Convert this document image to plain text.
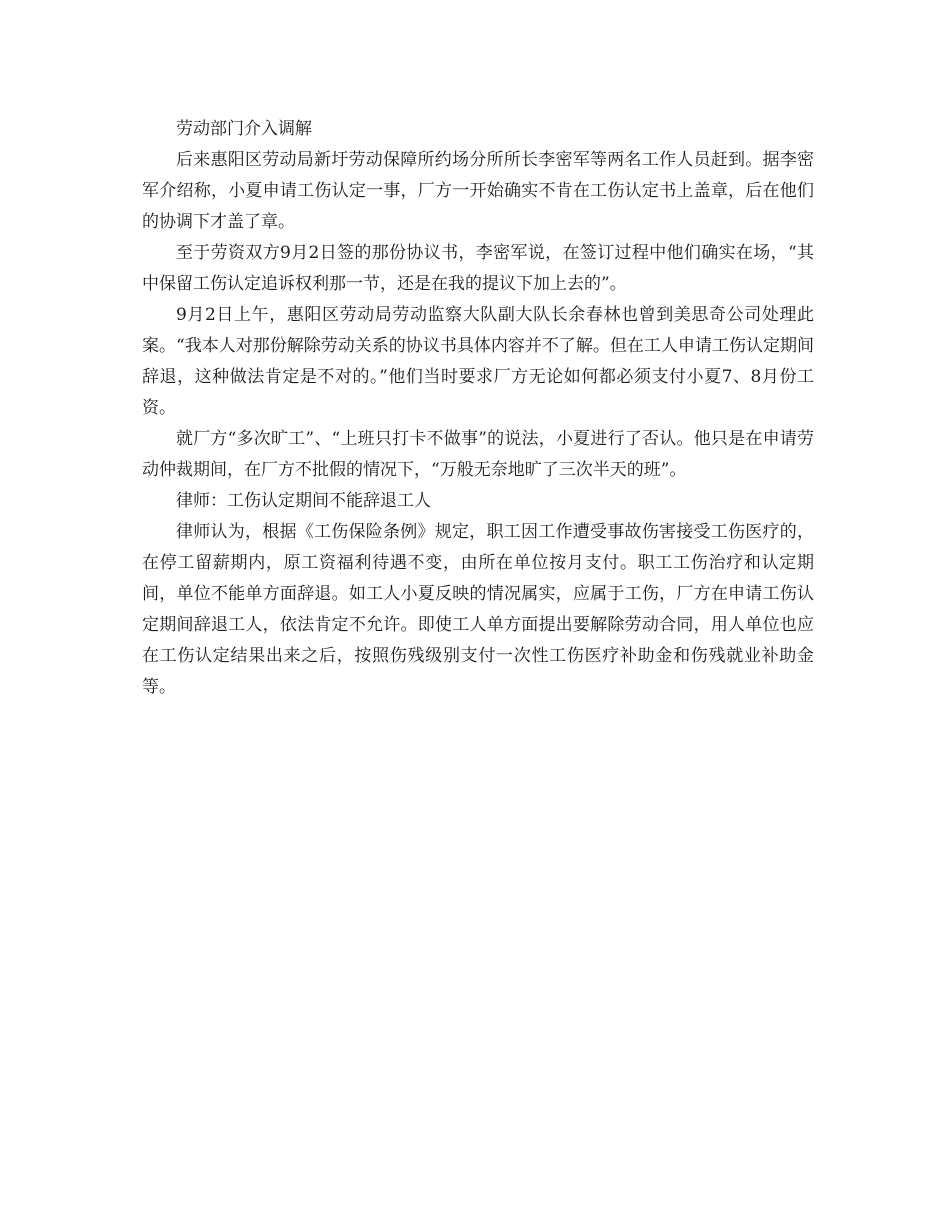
劳动部门介入调解

后来惠阳区劳动局新圩劳动保障所约场分所所长李密军等两名工作人员赶到。据李密军介绍称，小夏申请工伤认定一事，厂方一开始确实不肯在工伤认定书上盖章，后在他们的协调下才盖了章。

至于劳资双方9月2日签的那份协议书，李密军说，在签订过程中他们确实在场，“其中保留工伤认定追诉权利那一节，还是在我的提议下加上去的”。

9月2日上午，惠阳区劳动局劳动监察大队副大队长余春林也曾到美思奇公司处理此案。“我本人对那份解除劳动关系的协议书具体内容并不了解。但在工人申请工伤认定期间辞退，这种做法肯定是不对的。”他们当时要求厂方无论如何都必须支付小夏7、8月份工资。

就厂方“多次旷工”、“上班只打卡不做事”的说法，小夏进行了否认。他只是在申请劳动仲裁期间，在厂方不批假的情况下，“万般无奈地旷了三次半天的班”。

律师：工伤认定期间不能辞退工人

律师认为，根据《工伤保险条例》规定，职工因工作遭受事故伤害接受工伤医疗的，在停工留薪期内，原工资福利待遇不变，由所在单位按月支付。职工工伤治疗和认定期间，单位不能单方面辞退。如工人小夏反映的情况属实，应属于工伤，厂方在申请工伤认定期间辞退工人，依法肯定不允许。即使工人单方面提出要解除劳动合同，用人单位也应在工伤认定结果出来之后，按照伤残级别支付一次性工伤医疗补助金和伤残就业补助金等。
